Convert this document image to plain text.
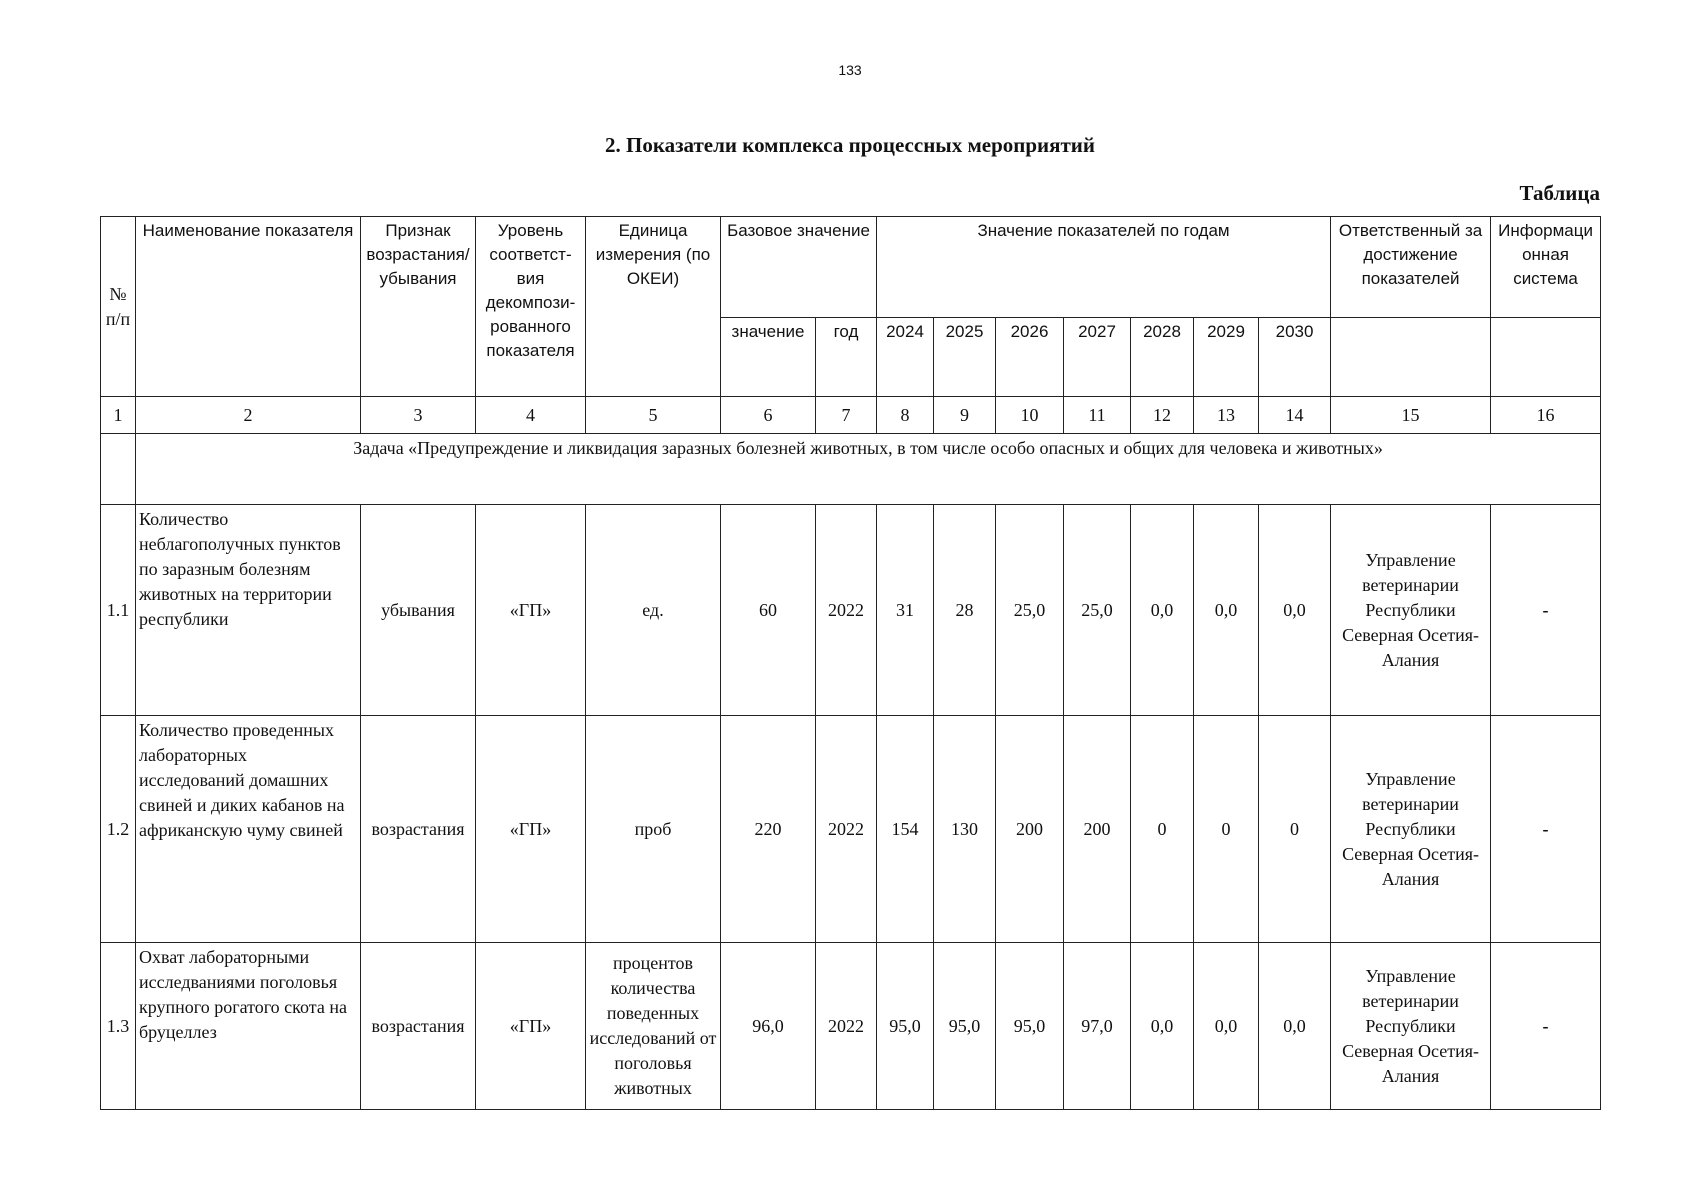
133
2. Показатели комплекса процессных мероприятий
Таблица
№ п/п	Наименование показателя	Признак возрастания/ убывания	Уровень соответст-вия декомпози-рованного показателя	Единица измерения (по ОКЕИ)	Базовое значение		Значение показателей по годам							Ответственный за достижение показателей	Информаци онная система
					значение	год	2024	2025	2026	2027	2028	2029	2030		
1	2	3	4	5	6	7	8	9	10	11	12	13	14	15	16
	Задача «Предупреждение и ликвидация заразных болезней животных, в том числе особо опасных и общих для человека и животных»														
1.1	Количество неблагополучных пунктов по заразным болезням животных на территории республики	убывания	«ГП»	ед.	60	2022	31	28	25,0	25,0	0,0	0,0	0,0	Управление ветеринарии Республики Северная Осетия-Алания	-
1.2	Количество проведенных лабораторных исследований домашних свиней и диких кабанов на африканскую чуму свиней	возрастания	«ГП»	проб	220	2022	154	130	200	200	0	0	0	Управление ветеринарии Республики Северная Осетия-Алания	-
1.3	Охват лабораторными исследваниями поголовья крупного рогатого скота на бруцеллез	возрастания	«ГП»	процентов количества поведенных исследований от поголовья животных	96,0	2022	95,0	95,0	95,0	97,0	0,0	0,0	0,0	Управление ветеринарии Республики Северная Осетия-Алания	-
